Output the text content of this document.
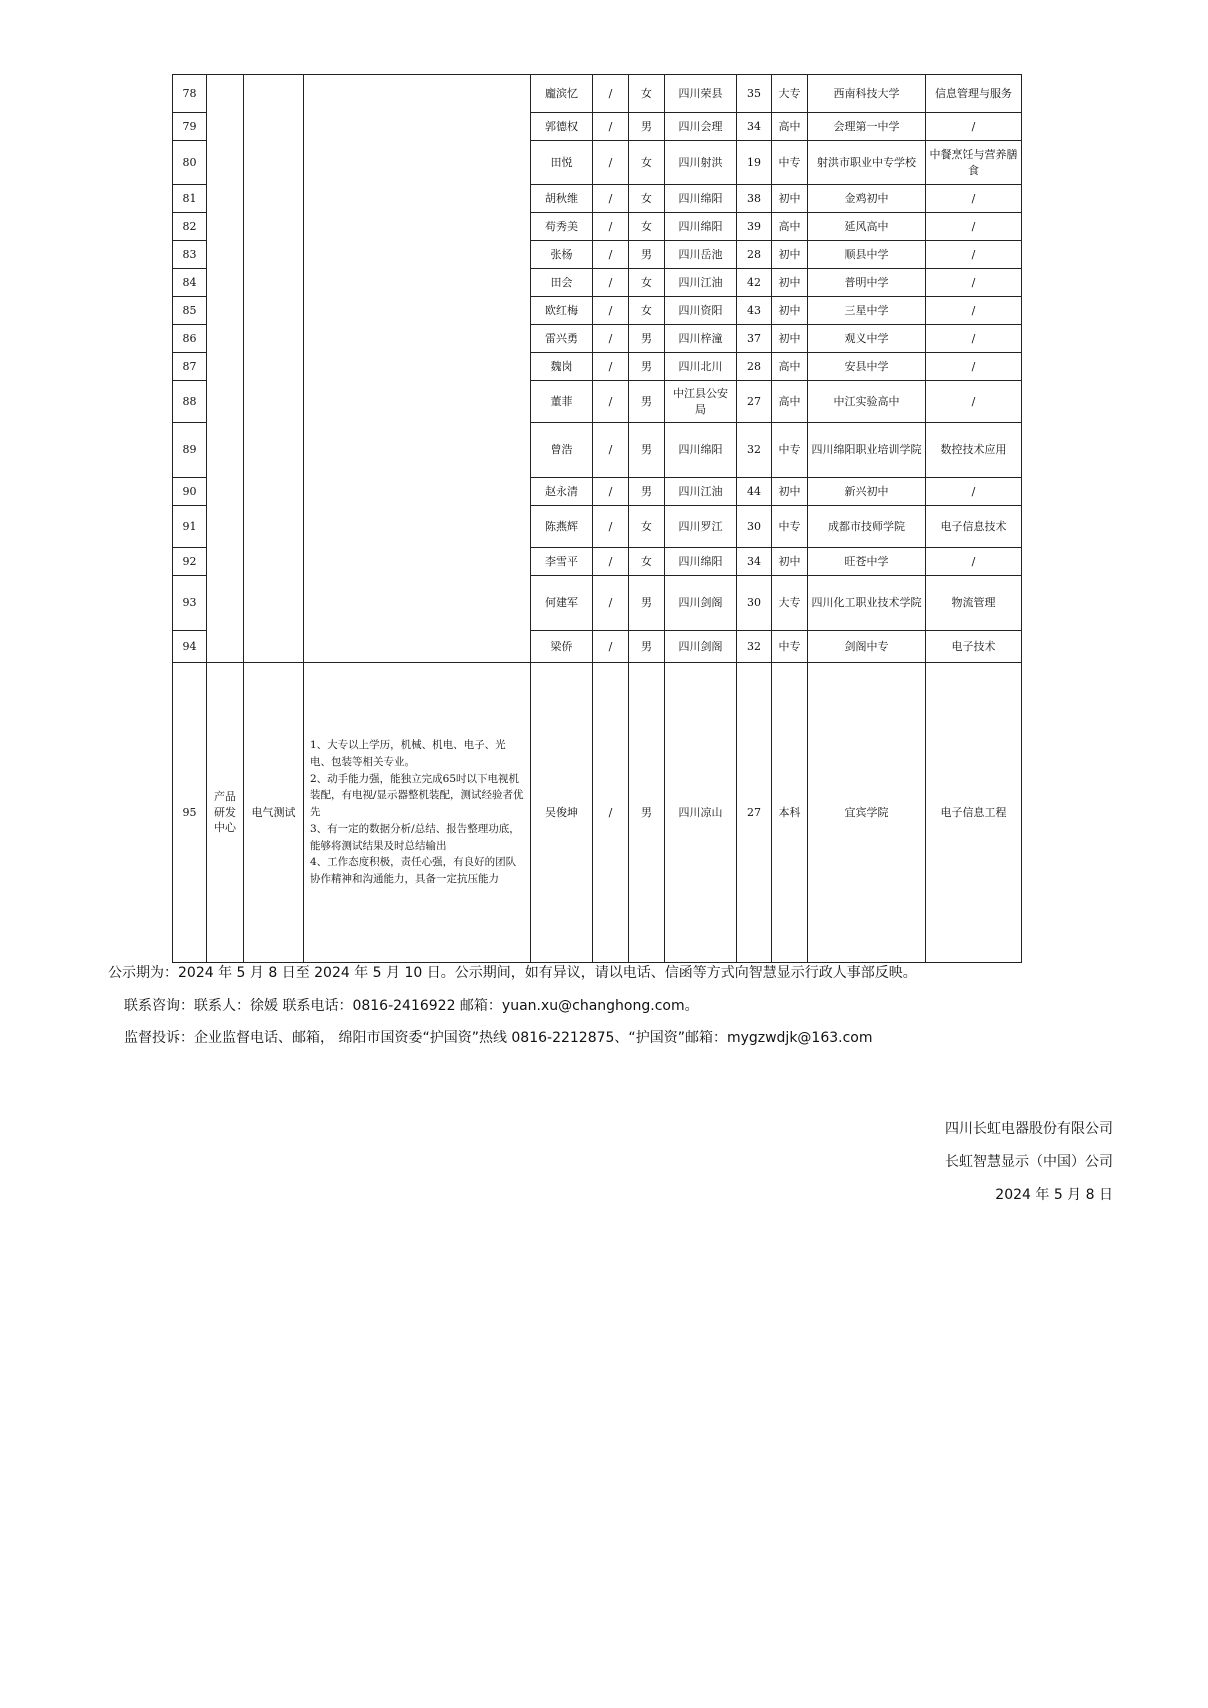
78				龐滨忆	/	女	四川荣县	35	大专	西南科技大学	信息管理与服务
79				郭德权	/	男	四川会理	34	高中	会理第一中学	/
80				田悦	/	女	四川射洪	19	中专	射洪市职业中专学校	中餐烹饪与营养膳食
81				胡秋维	/	女	四川绵阳	38	初中	金鸡初中	/
82				苟秀美	/	女	四川绵阳	39	高中	延风高中	/
83				张杨	/	男	四川岳池	28	初中	顺县中学	/
84				田会	/	女	四川江油	42	初中	普明中学	/
85				欧红梅	/	女	四川资阳	43	初中	三星中学	/
86				雷兴勇	/	男	四川梓潼	37	初中	观义中学	/
87				魏岗	/	男	四川北川	28	高中	安县中学	/
88				董菲	/	男	中江县公安局	27	高中	中江实验高中	/
89				曾浩	/	男	四川绵阳	32	中专	四川绵阳职业培训学院	数控技术应用
90				赵永清	/	男	四川江油	44	初中	新兴初中	/
91				陈燕辉	/	女	四川罗江	30	中专	成都市技师学院	电子信息技术
92				李雪平	/	女	四川绵阳	34	初中	旺苍中学	/
93				何建军	/	男	四川剑阁	30	大专	四川化工职业技术学院	物流管理
94				梁侨	/	男	四川剑阁	32	中专	剑阁中专	电子技术
95	产品研发中心	电气测试	1、大专以上学历，机械、机电、电子、光电、包装等相关专业。
2、动手能力强，能独立完成65吋以下电视机装配，有电视/显示器整机装配，测试经验者优先
3、有一定的数据分析/总结、报告整理功底，能够将测试结果及时总结输出
4、工作态度积极，责任心强，有良好的团队协作精神和沟通能力，具备一定抗压能力	吴俊坤	/	男	四川凉山	27	本科	宜宾学院	电子信息工程
公示期为：2024 年 5 月 8 日至 2024 年 5 月 10 日。公示期间，如有异议，请以电话、信函等方式向智慧显示行政人事部反映。
联系咨询：联系人：徐媛 联系电话：0816-2416922 邮箱：yuan.xu@changhong.com。
监督投诉：企业监督电话、邮箱， 绵阳市国资委“护国资”热线 0816-2212875、“护国资”邮箱：mygzwdjk@163.com
四川长虹电器股份有限公司
长虹智慧显示（中国）公司
2024 年 5 月 8 日
